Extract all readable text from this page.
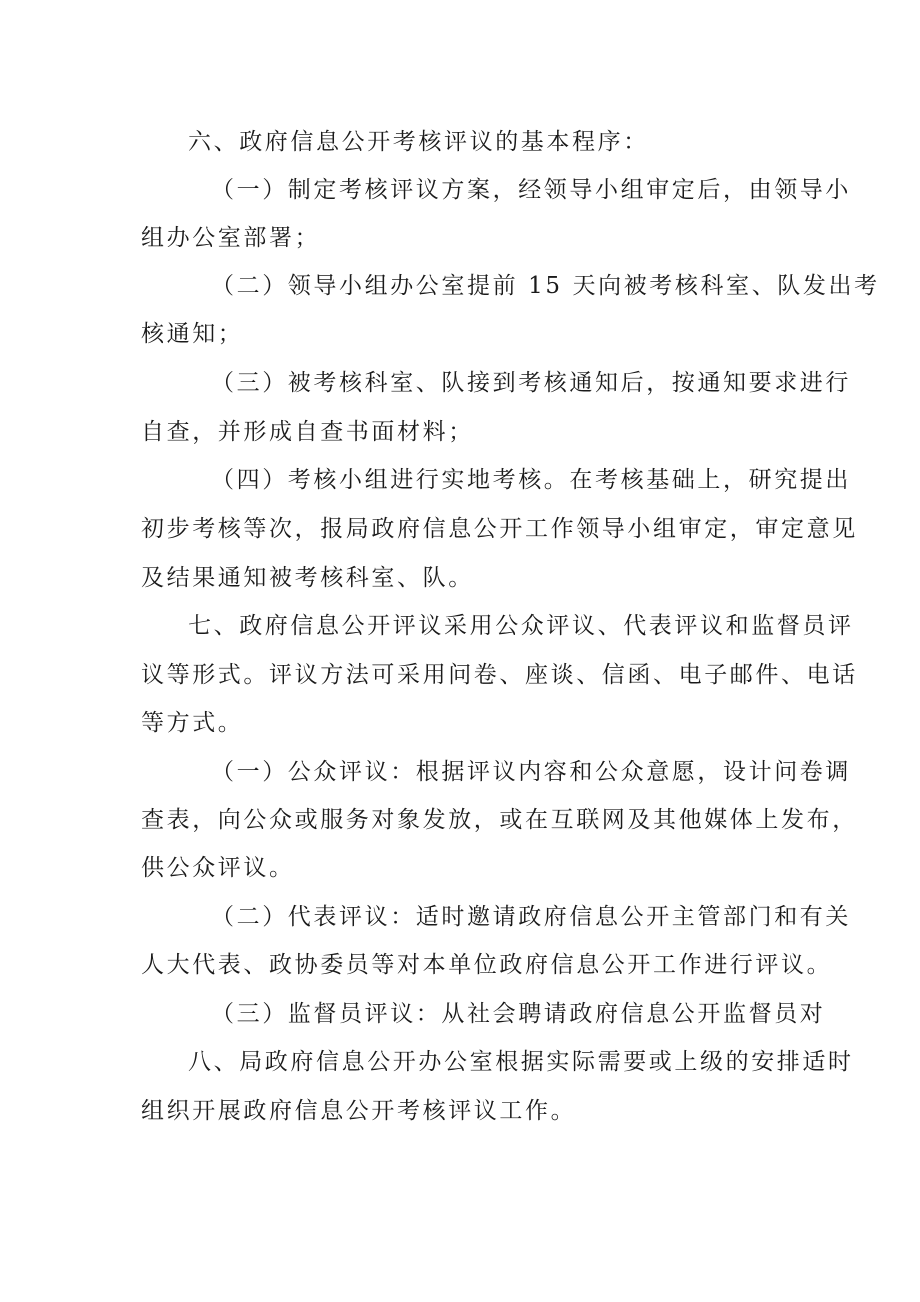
六、政府信息公开考核评议的基本程序：
（一）制定考核评议方案，经领导小组审定后，由领导小
组办公室部署；
（二）领导小组办公室提前 15 天向被考核科室、队发出考
核通知；
（三）被考核科室、队接到考核通知后，按通知要求进行
自查，并形成自查书面材料；
（四）考核小组进行实地考核。在考核基础上，研究提出
初步考核等次，报局政府信息公开工作领导小组审定，审定意见
及结果通知被考核科室、队。
七、政府信息公开评议采用公众评议、代表评议和监督员评
议等形式。评议方法可采用问卷、座谈、信函、电子邮件、电话
等方式。
（一）公众评议：根据评议内容和公众意愿，设计问卷调
查表，向公众或服务对象发放，或在互联网及其他媒体上发布，
供公众评议。
（二）代表评议：适时邀请政府信息公开主管部门和有关
人大代表、政协委员等对本单位政府信息公开工作进行评议。
（三）监督员评议：从社会聘请政府信息公开监督员对
八、局政府信息公开办公室根据实际需要或上级的安排适时
组织开展政府信息公开考核评议工作。
